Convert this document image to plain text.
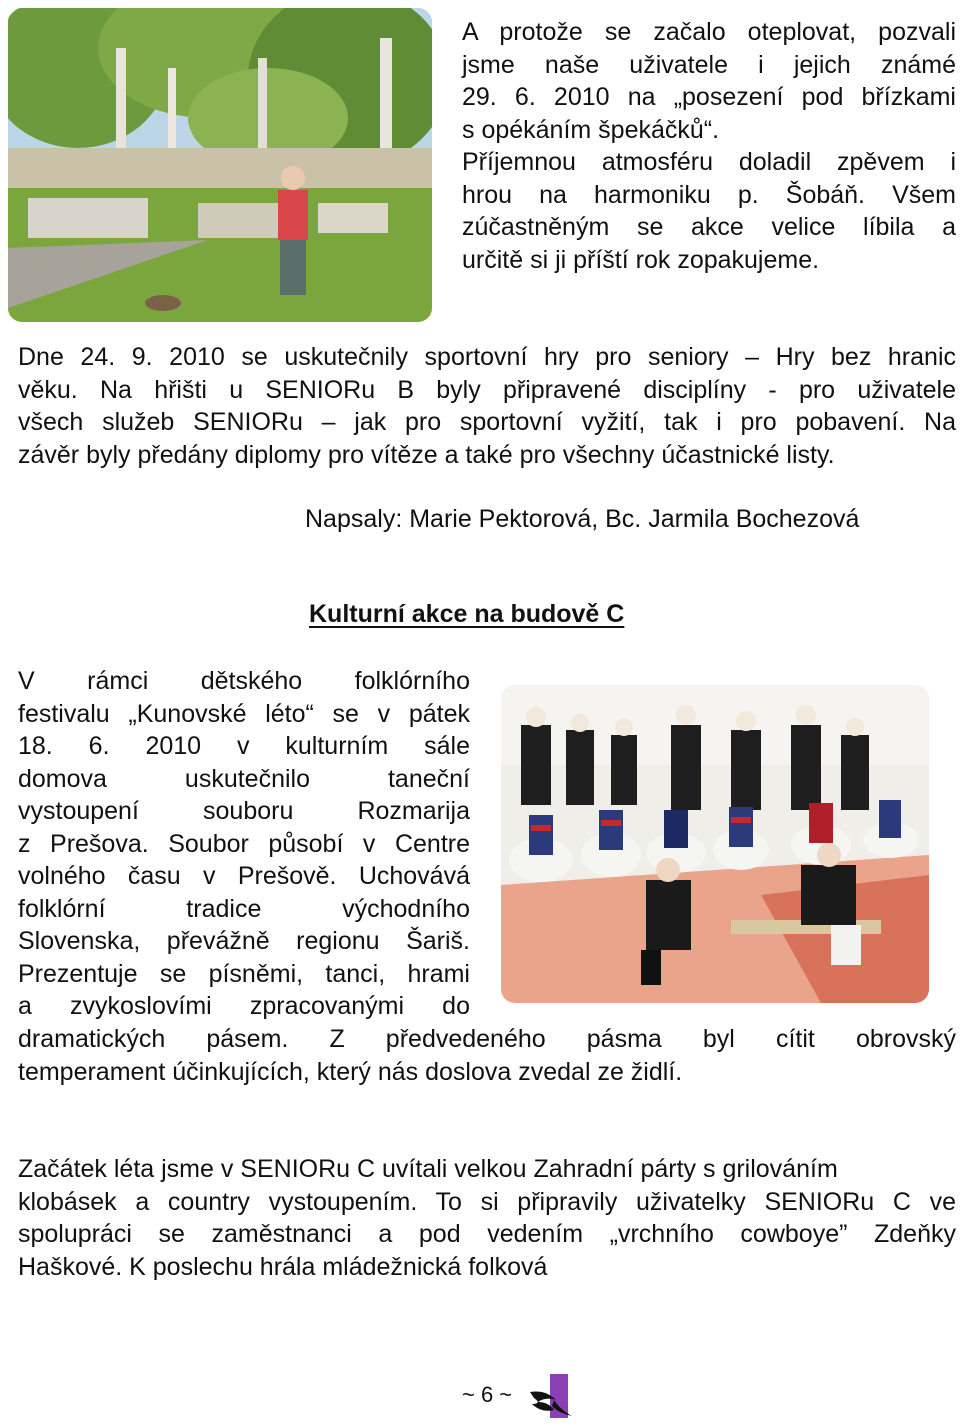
A protože se začalo oteplovat, pozvali
jsme naše uživatele i jejich známé
29. 6. 2010 na „posezení pod břízkami
s opékáním špekáčků“.
Příjemnou atmosféru doladil zpěvem i
hrou na harmoniku p. Šobáň. Všem
zúčastněným se akce velice líbila a
určitě si ji příští rok zopakujeme.
Dne 24. 9. 2010 se uskutečnily sportovní hry pro seniory – Hry bez hranic
věku. Na hřišti u SENIORu B byly připravené disciplíny - pro uživatele
všech služeb SENIORu – jak pro sportovní vyžití, tak i pro pobavení. Na
závěr byly předány diplomy pro vítěze a také pro všechny účastnické listy.
Napsaly: Marie Pektorová, Bc. Jarmila Bochezová
Kulturní akce na budově C
V rámci dětského folklórního
festivalu „Kunovské léto“ se v pátek
18. 6. 2010 v kulturním sále
domova uskutečnilo taneční
vystoupení souboru Rozmarija
z Prešova. Soubor působí v Centre
volného času v Prešově. Uchovává
folklórní tradice východního
Slovenska, převážně regionu Šariš.
Prezentuje se písněmi, tanci, hrami
a zvykoslovími zpracovanými do
dramatických pásem. Z předvedeného pásma byl cítit obrovský
temperament účinkujících, který nás doslova zvedal ze židlí.
Začátek léta jsme v SENIORu C uvítali velkou Zahradní párty s grilováním
klobásek a country vystoupením. To si připravily uživatelky SENIORu C ve
spolupráci se zaměstnanci a pod vedením „vrchního cowboye” Zdeňky
Haškové. K poslechu hrála mládežnická folková
~ 6 ~
